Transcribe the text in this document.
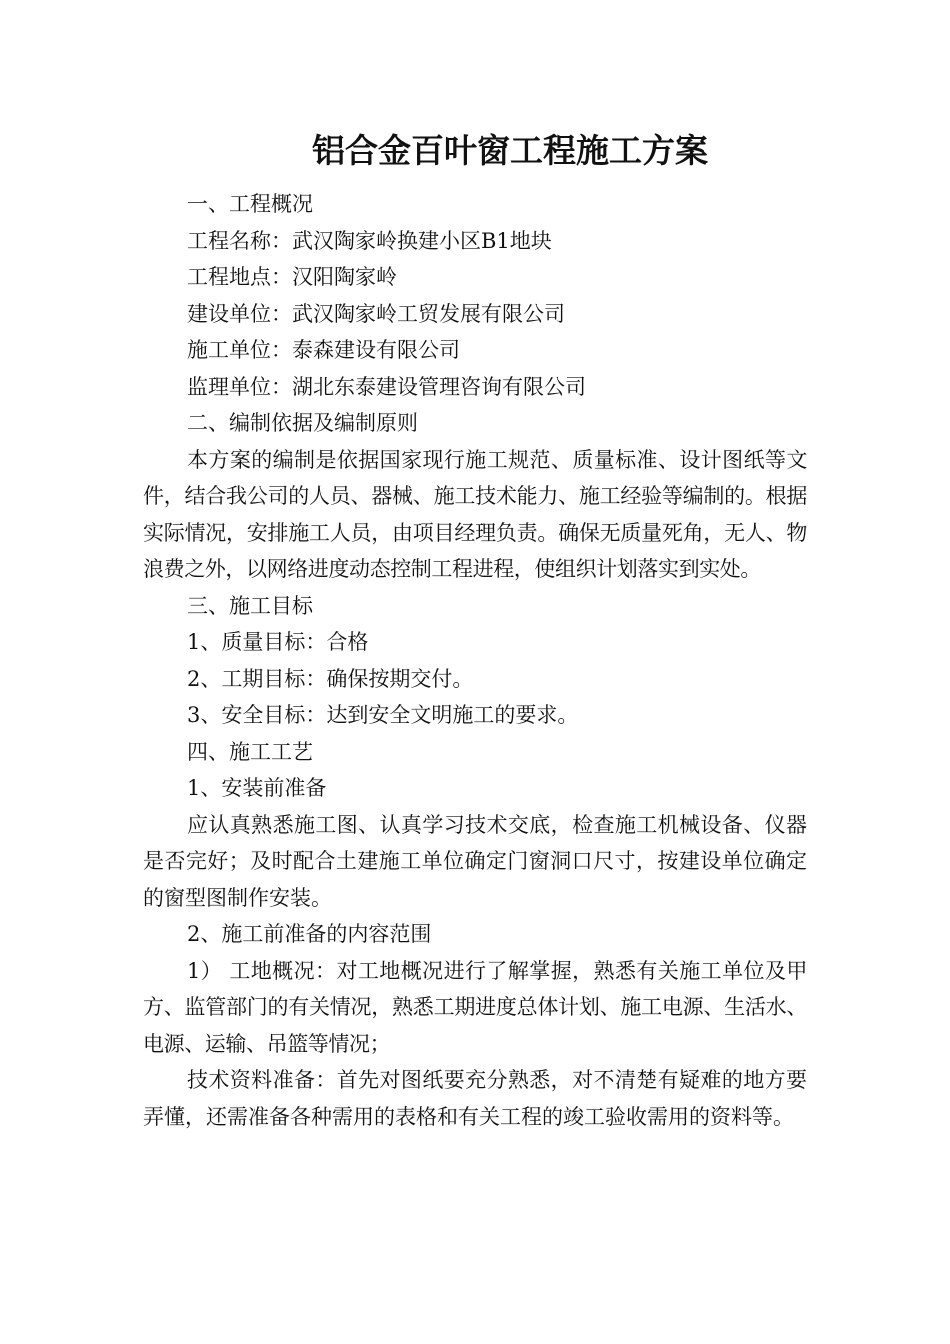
铝合金百叶窗工程施工方案

一、工程概况

工程名称：武汉陶家岭换建小区B1地块

工程地点：汉阳陶家岭

建设单位：武汉陶家岭工贸发展有限公司

施工单位：泰森建设有限公司

监理单位：湖北东泰建设管理咨询有限公司

二、编制依据及编制原则

本方案的编制是依据国家现行施工规范、质量标准、设计图纸等文件，结合我公司的人员、器械、施工技术能力、施工经验等编制的。根据实际情况，安排施工人员，由项目经理负责。确保无质量死角，无人、物浪费之外，以网络进度动态控制工程进程，使组织计划落实到实处。

三、施工目标

1、质量目标：合格

2、工期目标：确保按期交付。

3、安全目标：达到安全文明施工的要求。

四、施工工艺

1、安装前准备

应认真熟悉施工图、认真学习技术交底，检查施工机械设备、仪器是否完好；及时配合土建施工单位确定门窗洞口尺寸，按建设单位确定的窗型图制作安装。

2、施工前准备的内容范围

1） 工地概况：对工地概况进行了解掌握，熟悉有关施工单位及甲方、监管部门的有关情况，熟悉工期进度总体计划、施工电源、生活水、电源、运输、吊篮等情况；

技术资料准备：首先对图纸要充分熟悉，对不清楚有疑难的地方要弄懂，还需准备各种需用的表格和有关工程的竣工验收需用的资料等。
